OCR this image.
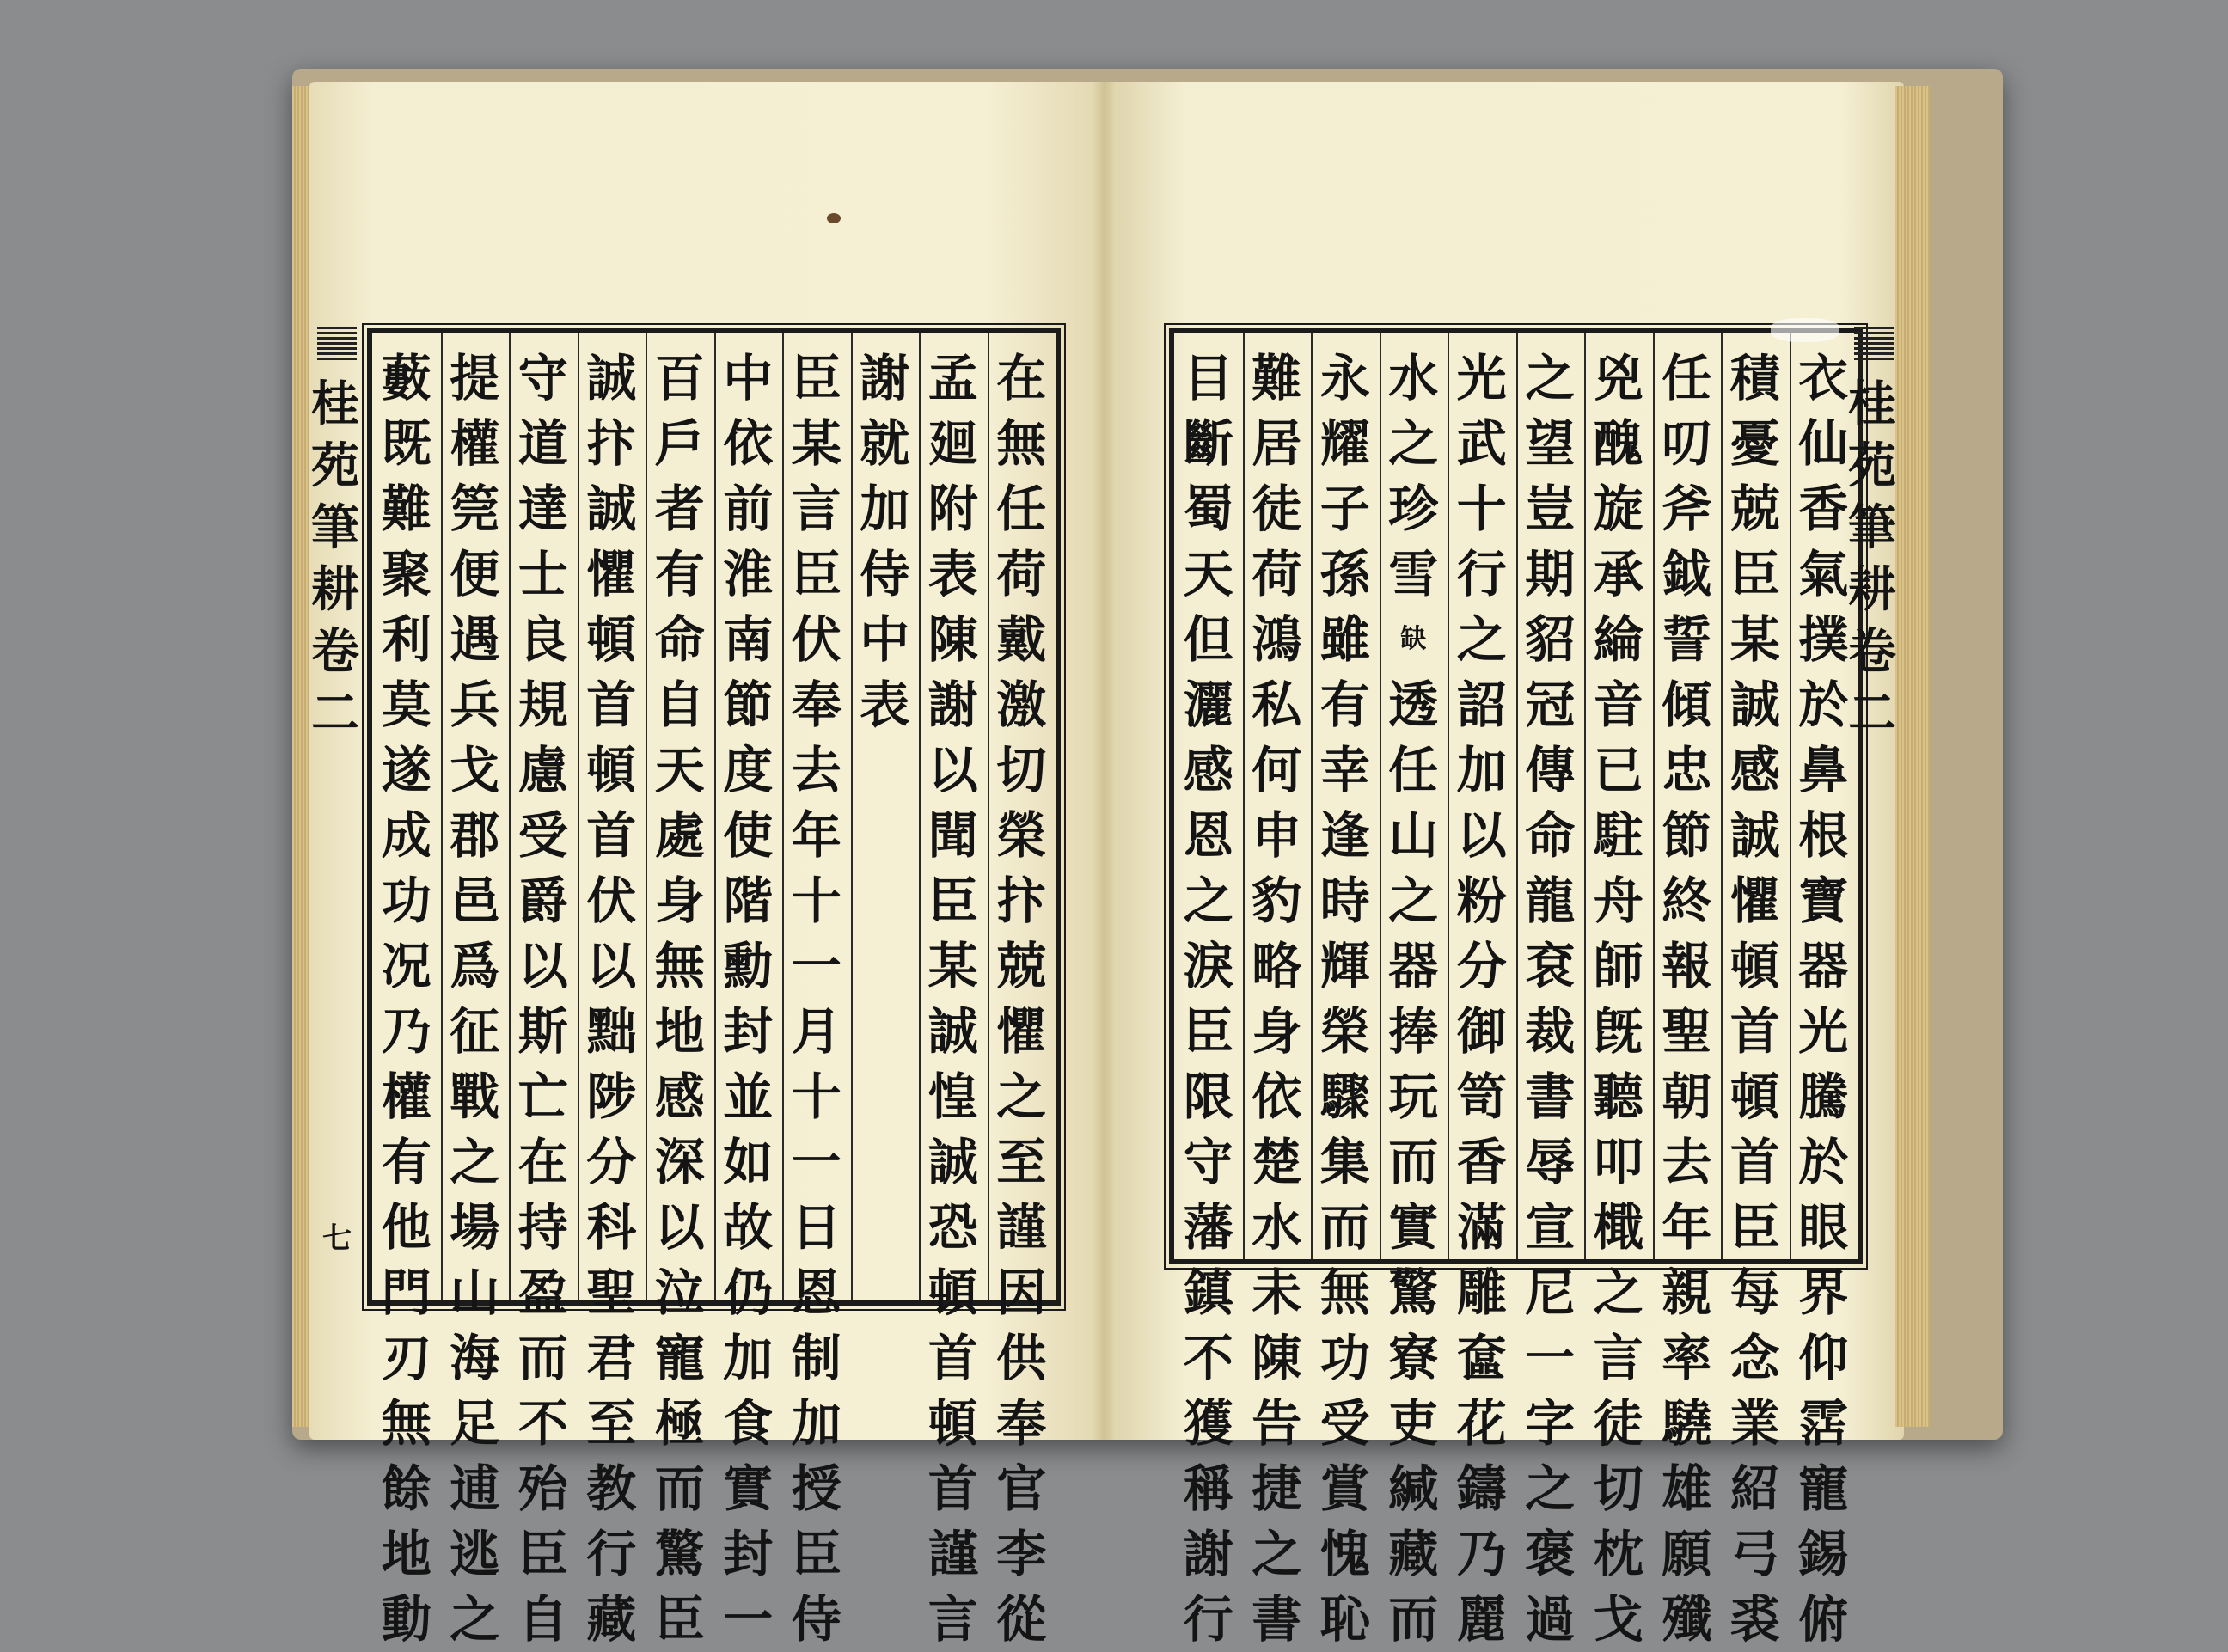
桂苑筆耕卷二
七
在
無
任
荷
戴
激
切
榮
抃
兢
懼
之
至
謹
因
供
奉
官
李
從
孟
廻
附
表
陳
謝
以
聞
臣
某
誠
惶
誠
恐
頓
首
頓
首
謹
言
謝
就
加
侍
中
表
臣
某
言
臣
伏
奉
去
年
十
一
月
十
一
日
恩
制
加
授
臣
侍
中
依
前
淮
南
節
度
使
階
勳
封
並
如
故
仍
加
食
實
封
一
百
戶
者
有
命
自
天
處
身
無
地
感
深
以
泣
寵
極
而
驚
臣
誠
抃
誠
懼
頓
首
頓
首
伏
以
黜
陟
分
科
聖
君
至
教
行
藏
守
道
達
士
良
規
慮
受
爵
以
斯
亡
在
持
盈
而
不
殆
臣
自
提
權
筦
便
遇
兵
戈
郡
邑
爲
征
戰
之
場
山
海
足
逋
逃
之
藪
既
難
聚
利
莫
遂
成
功
况
乃
權
有
他
門
刃
無
餘
地
動
衣
仙
香
氣
撲
於
鼻
根
寶
器
光
騰
於
眼
界
仰
霑
寵
錫
俯
積
憂
兢
臣
某
誠
感
誠
懼
頓
首
頓
首
臣
每
念
業
紹
弓
裘
任
叨
斧
鉞
誓
傾
忠
節
終
報
聖
朝
去
年
親
率
驍
雄
願
殲
兇
醜
旋
承
綸
音
已
駐
舟
師
旣
聽
叩
檝
之
言
徒
切
枕
戈
之
望
豈
期
貂
冠
傳
命
龍
袞
裁
書
辱
宣
尼
一
字
之
褒
過
光
武
十
行
之
詔
加
以
粉
分
御
笥
香
滿
雕
奩
花
鑄
乃
麗
水
之
珍
雪
缺
透
任
山
之
器
捧
玩
而
實
驚
寮
吏
緘
藏
而
永
耀
子
孫
雖
有
幸
逢
時
輝
榮
驟
集
而
無
功
受
賞
愧
恥
難
居
徒
荷
鴻
私
何
申
豹
略
身
依
楚
水
未
陳
告
捷
之
書
目
斷
蜀
天
但
灑
感
恩
之
淚
臣
限
守
藩
鎮
不
獲
稱
謝
行
桂苑筆耕卷二
